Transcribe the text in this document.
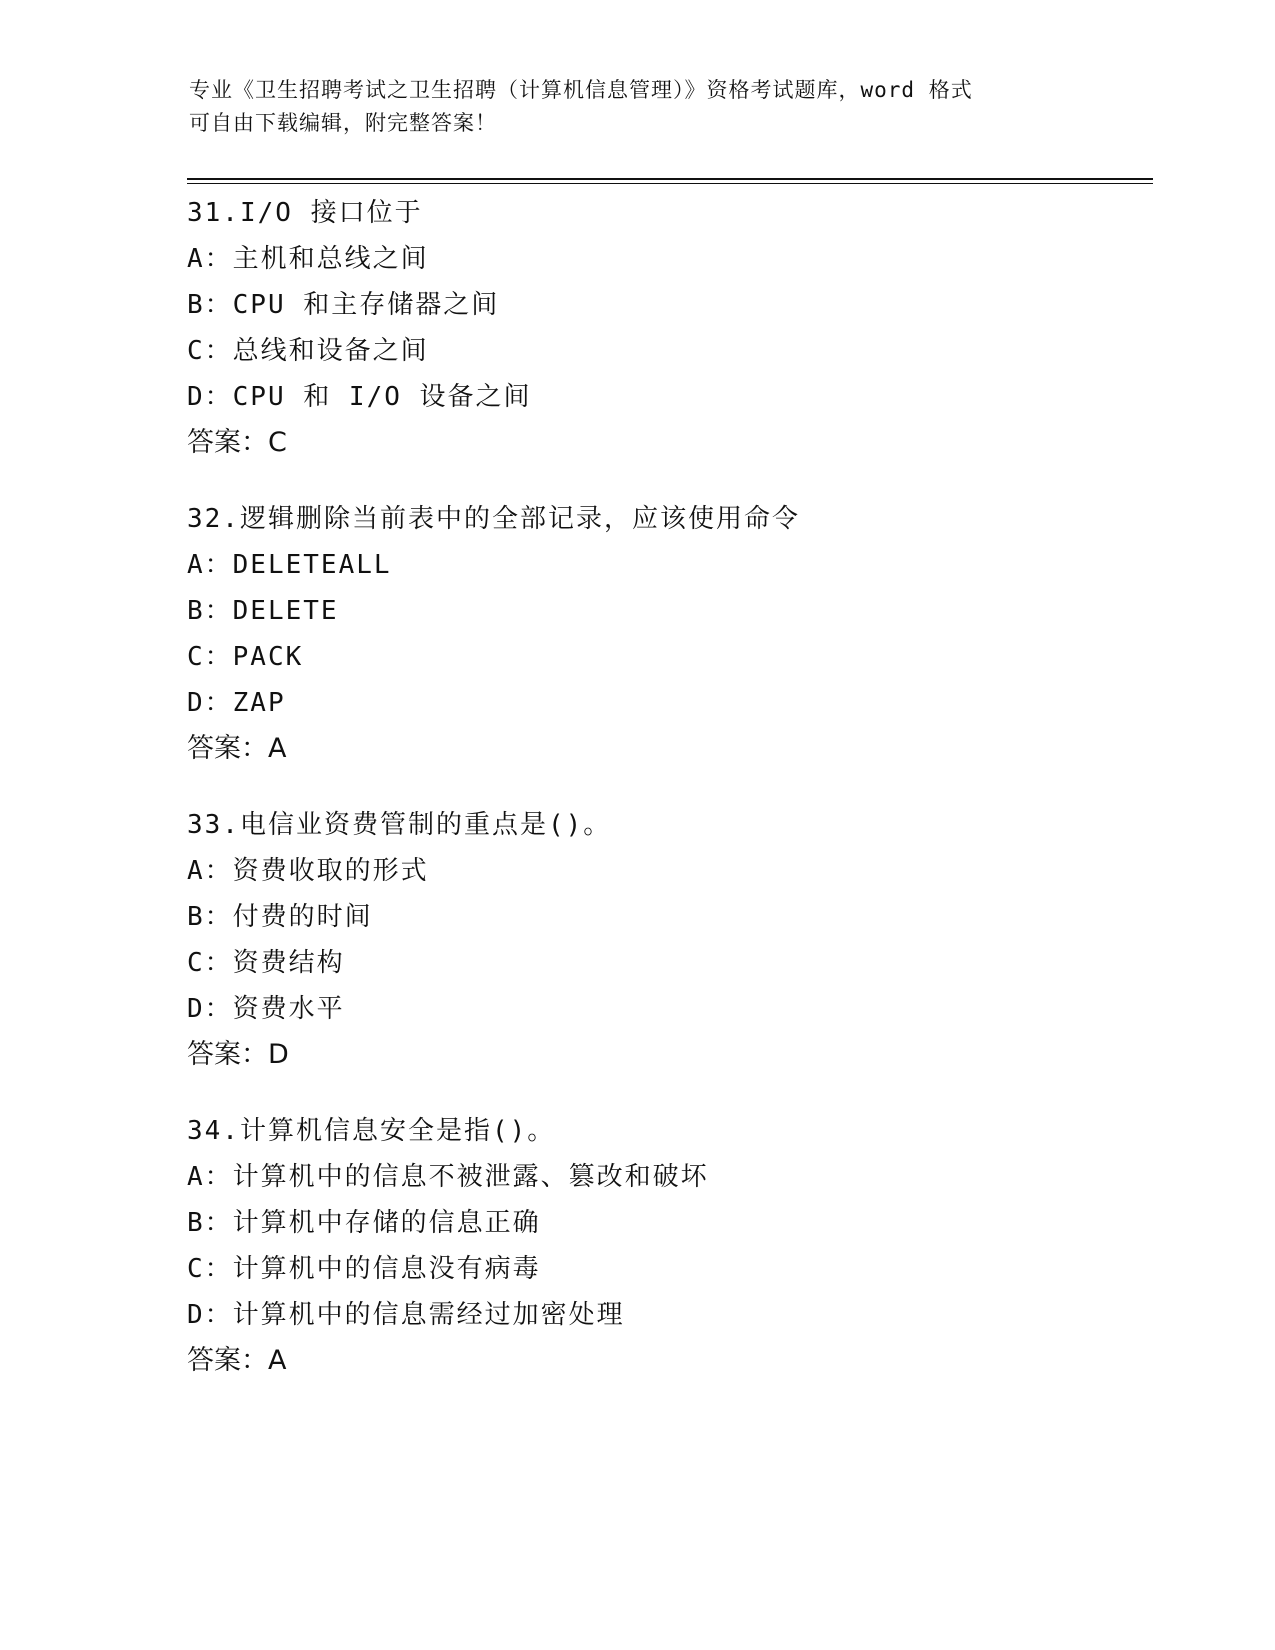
专业《卫生招聘考试之卫生招聘（计算机信息管理）》资格考试题库，word 格式
可自由下载编辑，附完整答案！
31.I/O 接口位于
A：主机和总线之间
B：CPU 和主存储器之间
C：总线和设备之间
D：CPU 和 I/O 设备之间
答案：C
32.逻辑删除当前表中的全部记录，应该使用命令
A：DELETEALL
B：DELETE
C：PACK
D：ZAP
答案：A
33.电信业资费管制的重点是()。
A：资费收取的形式
B：付费的时间
C：资费结构
D：资费水平
答案：D
34.计算机信息安全是指()。
A：计算机中的信息不被泄露、篡改和破坏
B：计算机中存储的信息正确
C：计算机中的信息没有病毒
D：计算机中的信息需经过加密处理
答案：A
